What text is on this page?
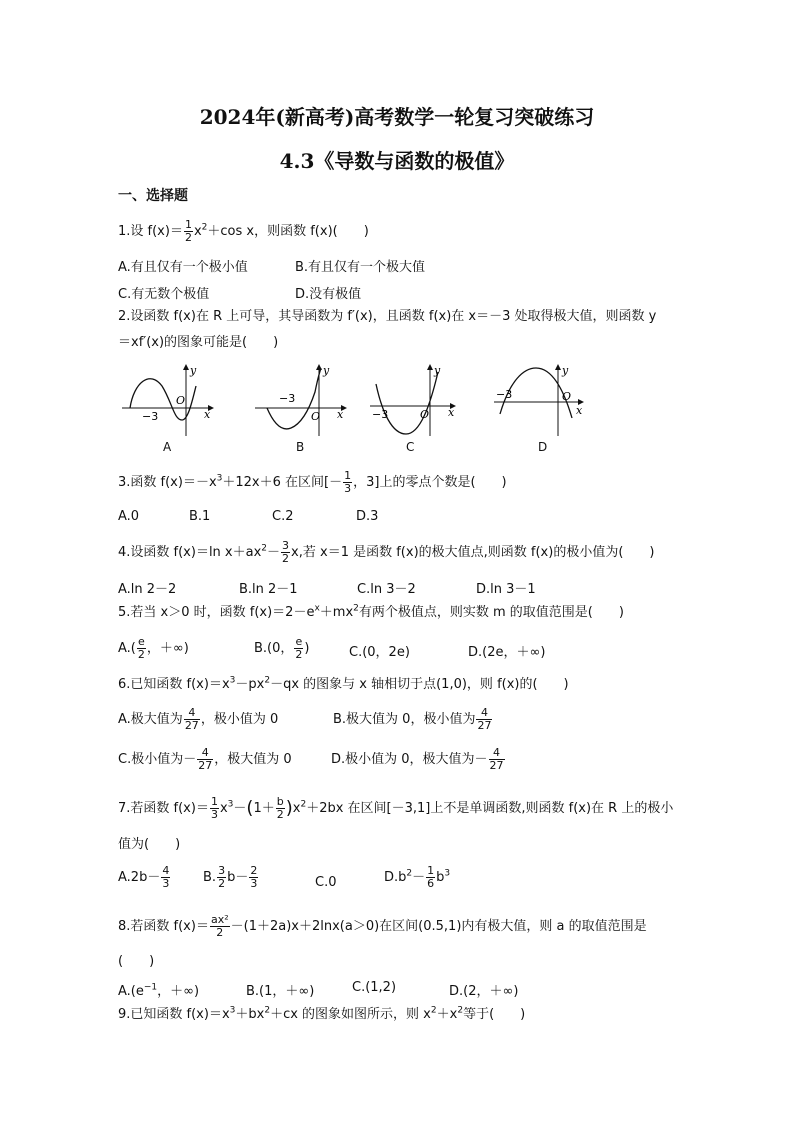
2024年(新高考)高考数学一轮复习突破练习
4.3《导数与函数的极值》
一、选择题
1.设 $f(x)= \frac{1}{2} x^2+\cos$ x，则函数 f(x)(　　)
A.有且仅有一个极小值	B.有且仅有一个极大值
C.有无数个极值	D.没有极值
2.设函数 f(x)在 R 上可导，其导函数为 f′(x)，且函数 f(x)在 x＝－3 处取得极大值，则函数 y
＝xf′(x)的图象可能是(　　)
−3
O
x
y
A
−3
O x
y
B
−3	O x
y
C
−3	O
x
y
D
3.函数 $f(x)=-x^3+12x+6$ 在区间[－ $\frac{1}{3}$ ，3]上的零点个数是(　　)
A.0	B.1	C.2	D.3
4.设函数 f(x)＝ln $x+ax^2- \frac{3}{2} x$,若 x＝1 是函数 f(x)的极大值点,则函数 f(x)的极小值为(　　)
A.ln 2－2	B.ln 2－1	C.ln 3－2	D.ln 3－1
5.若当 x＞0 时，函数 $f(x)=2-e^x+mx^2$有两个极值点，则实数 m 的取值范围是(　　)
$A.( \frac{e}{2}$ ，＋∞)	B.(0， $\frac{e}{2}$ )	C.(0，2e)	D.(2e，＋∞)
6.已知函数 $f(x)=x^3-px^2-qx$ 的图象与 x 轴相切于点(1,0)，则 f(x)的(　　)
A.极大值为 $\frac{4}{27}$ ，极小值为 0	B.极大值为 0，极小值为 $\frac{4}{27}$
C.极小值为－ $\frac{4}{27}$ ，极大值为 0	D.极小值为 0，极大值为－ $\frac{4}{27}$
7.若函数 $f(x)= \frac{1}{3} x^3-(1+ \frac{b}{2} )x^2+2bx$ 在区间[－3,1]上不是单调函数,则函数 f(x)在 R 上的极小
值为(　　)
$A.2b- \frac{4}{3}$	B. $\frac{3}{2} b- \frac{2}{3}$	C.0	$D.b^2- \frac{1}{6} b^3$
8.若函数 $f(x)= \frac{\text{ax²}}{2} -(1+2a)x+2\ln x(a>0)$在区间(0.5,1)内有极大值，则 a 的取值范围是
(　　)
$A.(e^{-1}$，＋∞)	B.(1，＋∞)	C.(1,2)	D.(2，＋∞)
9.已知函数 $f(x)=x^3+bx^2+cx$ 的图象如图所示，则 $x^2+x^2$等于(　　)
